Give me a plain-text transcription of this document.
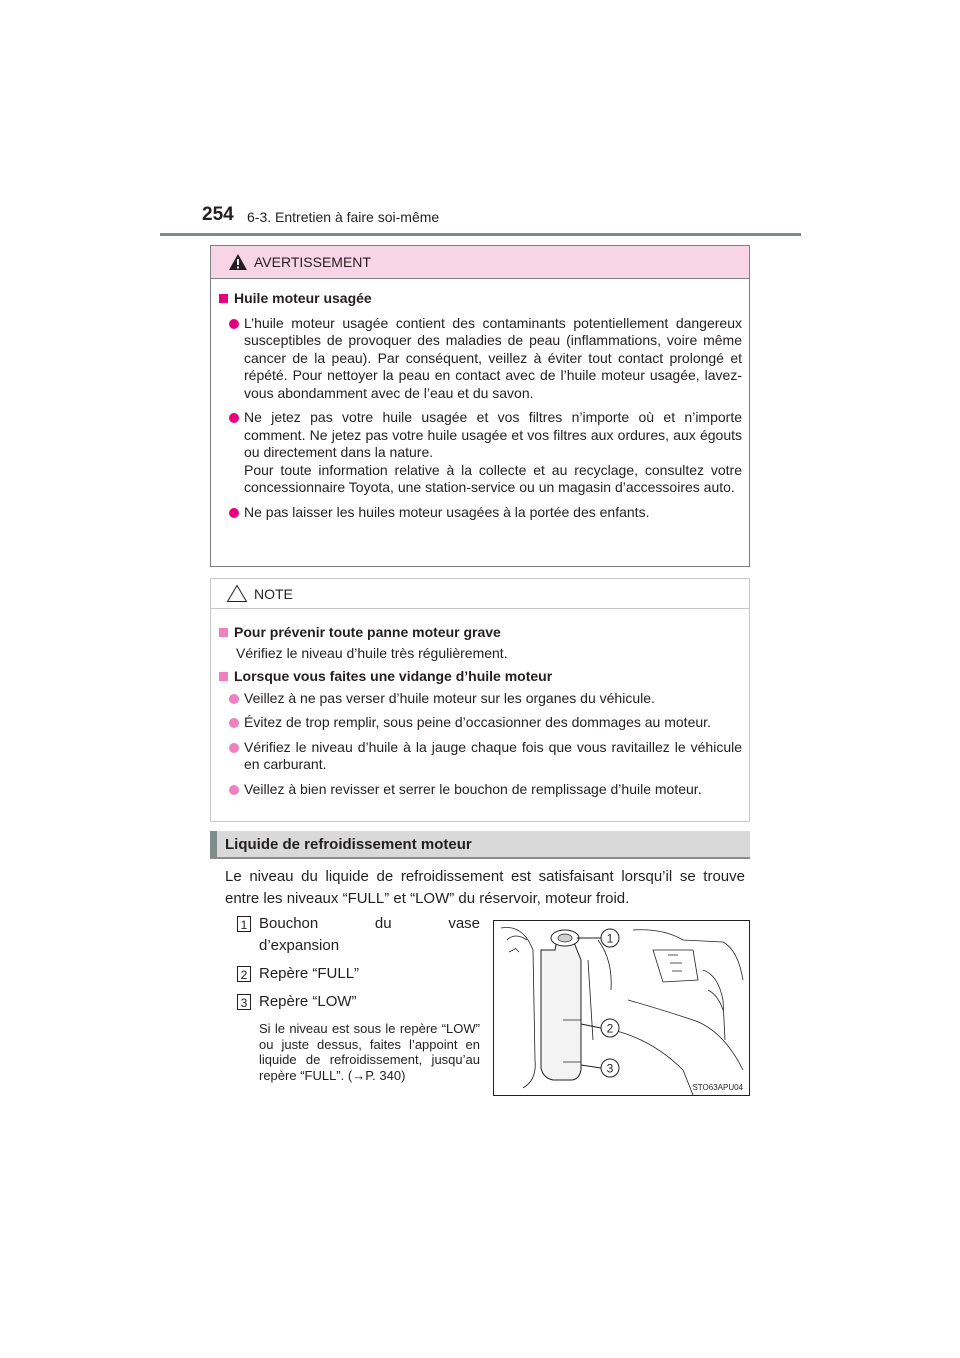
254 6-3. Entretien à faire soi-même
AVERTISSEMENT
Huile moteur usagée
L’huile moteur usagée contient des contaminants potentiellement dangereux susceptibles de provoquer des maladies de peau (inflammations, voire même cancer de la peau). Par conséquent, veillez à éviter tout contact prolongé et répété. Pour nettoyer la peau en contact avec de l’huile moteur usagée, lavez-vous abondamment avec de l’eau et du savon.
Ne jetez pas votre huile usagée et vos filtres n’importe où et n’importe comment. Ne jetez pas votre huile usagée et vos filtres aux ordures, aux égouts ou directement dans la nature.
Pour toute information relative à la collecte et au recyclage, consultez votre concessionnaire Toyota, une station-service ou un magasin d’accessoires auto.
Ne pas laisser les huiles moteur usagées à la portée des enfants.
NOTE
Pour prévenir toute panne moteur grave
Vérifiez le niveau d’huile très régulièrement.
Lorsque vous faites une vidange d’huile moteur
Veillez à ne pas verser d’huile moteur sur les organes du véhicule.
Évitez de trop remplir, sous peine d’occasionner des dommages au moteur.
Vérifiez le niveau d’huile à la jauge chaque fois que vous ravitaillez le véhicule en carburant.
Veillez à bien revisser et serrer le bouchon de remplissage d’huile moteur.
Liquide de refroidissement moteur
Le niveau du liquide de refroidissement est satisfaisant lorsqu’il se trouve entre les niveaux “FULL” et “LOW” du réservoir, moteur froid.
1 Bouchon du vase
d’expansion
2 Repère “FULL”
3 Repère “LOW”
Si le niveau est sous le repère “LOW” ou juste dessus, faites l’appoint en liquide de refroidissement, jusqu’au repère “FULL”. (→P. 340)
1
2
3
STO63APU04
